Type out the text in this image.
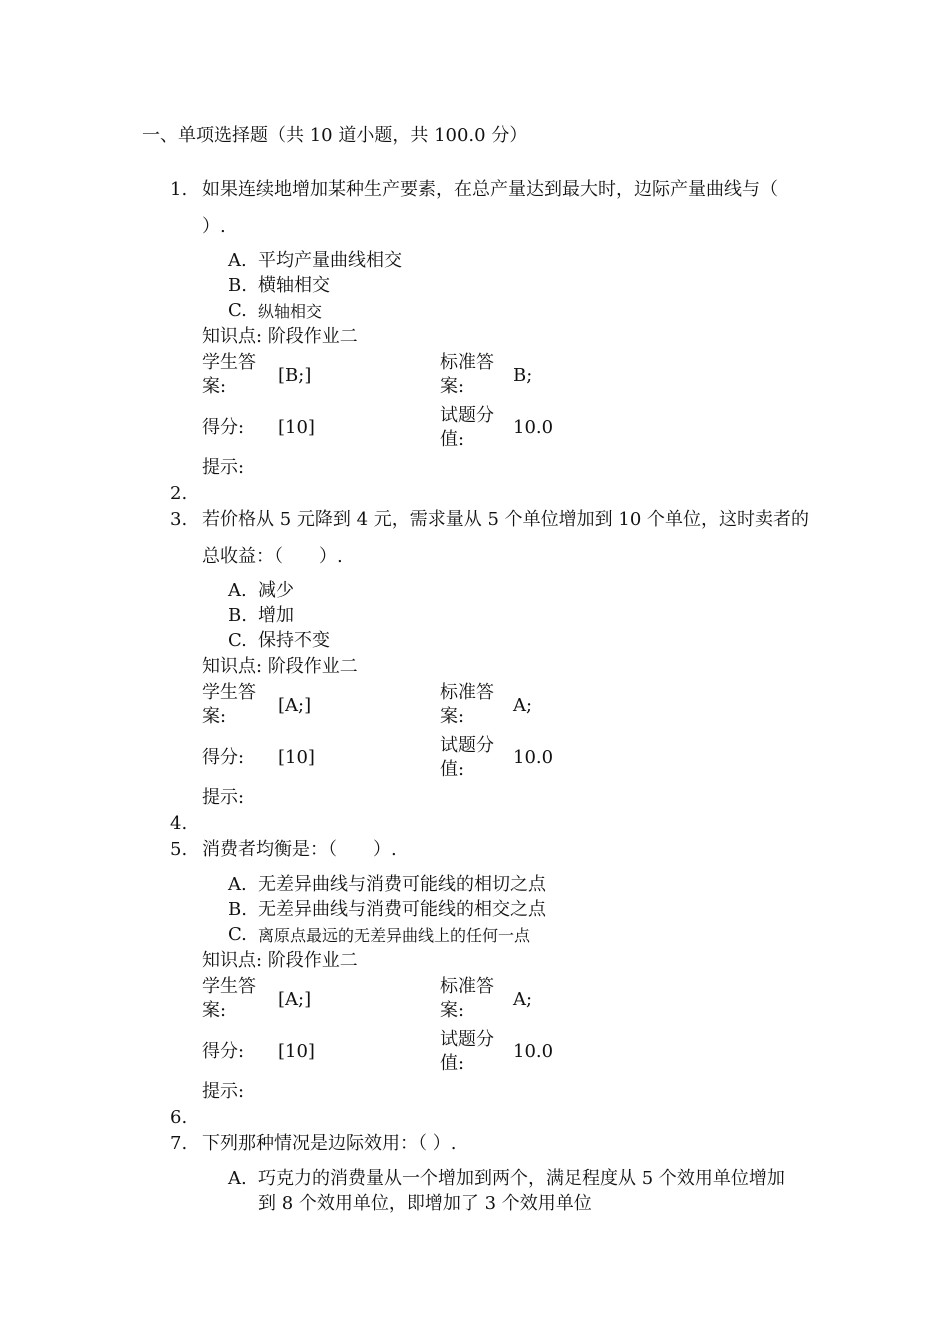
一、单项选择题（共 10 道小题，共 100.0 分）
1. 如果连续地增加某种生产要素，在总产量达到最大时，边际产量曲线与（
）.
A. 平均产量曲线相交
B. 横轴相交
C. 纵轴相交
知识点: 阶段作业二
学生答
案:
[B;]
标准答
案:
B;
得分: [10]
试题分
值:
10.0
提示:
2.
3. 若价格从 5 元降到 4 元，需求量从 5 个单位增加到 10 个单位，这时卖者的
总收益：（　　）.
A. 减少
B. 增加
C. 保持不变
知识点: 阶段作业二
学生答
案:
[A;]
标准答
案:
A;
得分: [10]
试题分
值:
10.0
提示:
4.
5. 消费者均衡是：（　　）.
A. 无差异曲线与消费可能线的相切之点
B. 无差异曲线与消费可能线的相交之点
C. 离原点最远的无差异曲线上的任何一点
知识点: 阶段作业二
学生答
案:
[A;]
标准答
案:
A;
得分: [10]
试题分
值:
10.0
提示:
6.
7. 下列那种情况是边际效用：（ ）.
A. 巧克力的消费量从一个增加到两个，满足程度从 5 个效用单位增加
到 8 个效用单位，即增加了 3 个效用单位
